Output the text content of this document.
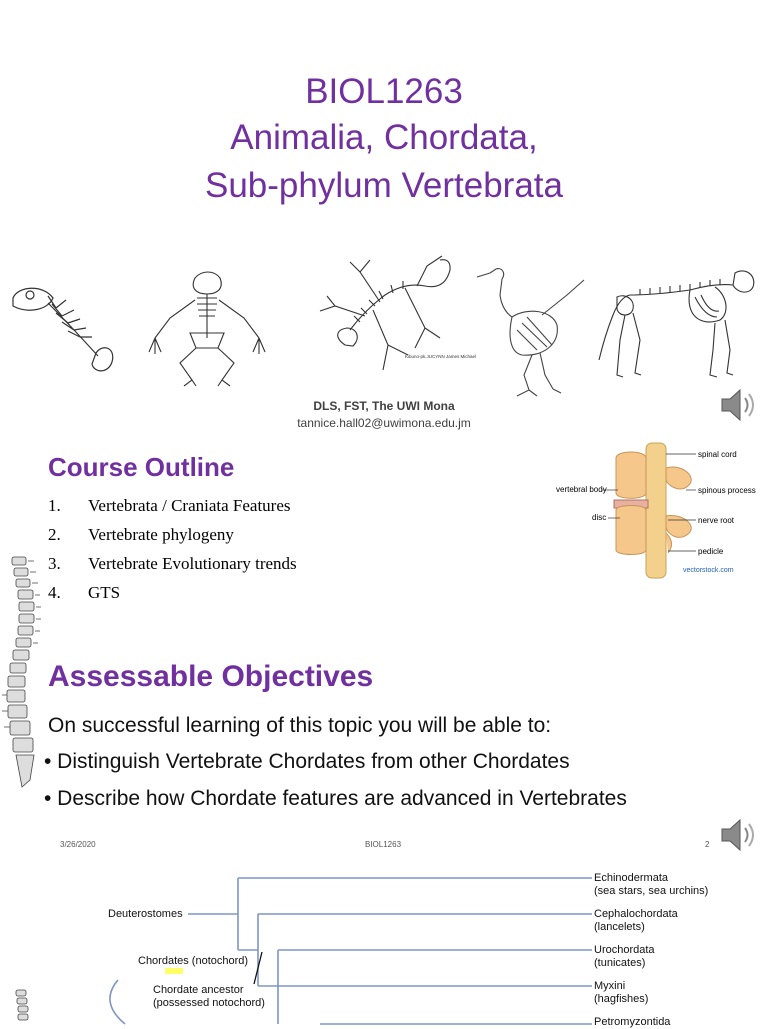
BIOL1263
Animalia, Chordata,
Sub-phylum Vertebrata
Kibuno-pk.JUCYNN James Michael
DLS, FST, The UWI Mona
tannice.hall02@uwimona.edu.jm
Course Outline
1.	Vertebrata / Craniata Features
2.	Vertebrate phylogeny
3.	Vertebrate Evolutionary trends
4.	GTS
spinal cord
vertebral body	spinous process
disc	nerve root
pedicle
vectorstock.com
Assessable Objectives
On successful learning of this topic you will be able to:
• Distinguish Vertebrate Chordates from other Chordates
• Describe how Chordate features are advanced in Vertebrates
3/26/2020	BIOL1263	2
Deuterostomes
Chordates (notochord)
Chordate ancestor
(possessed notochord)
Echinodermata
(sea stars, sea urchins)
Cephalochordata
(lancelets)
Urochordata
(tunicates)
Myxini
(hagfishes)
Petromyzontida
